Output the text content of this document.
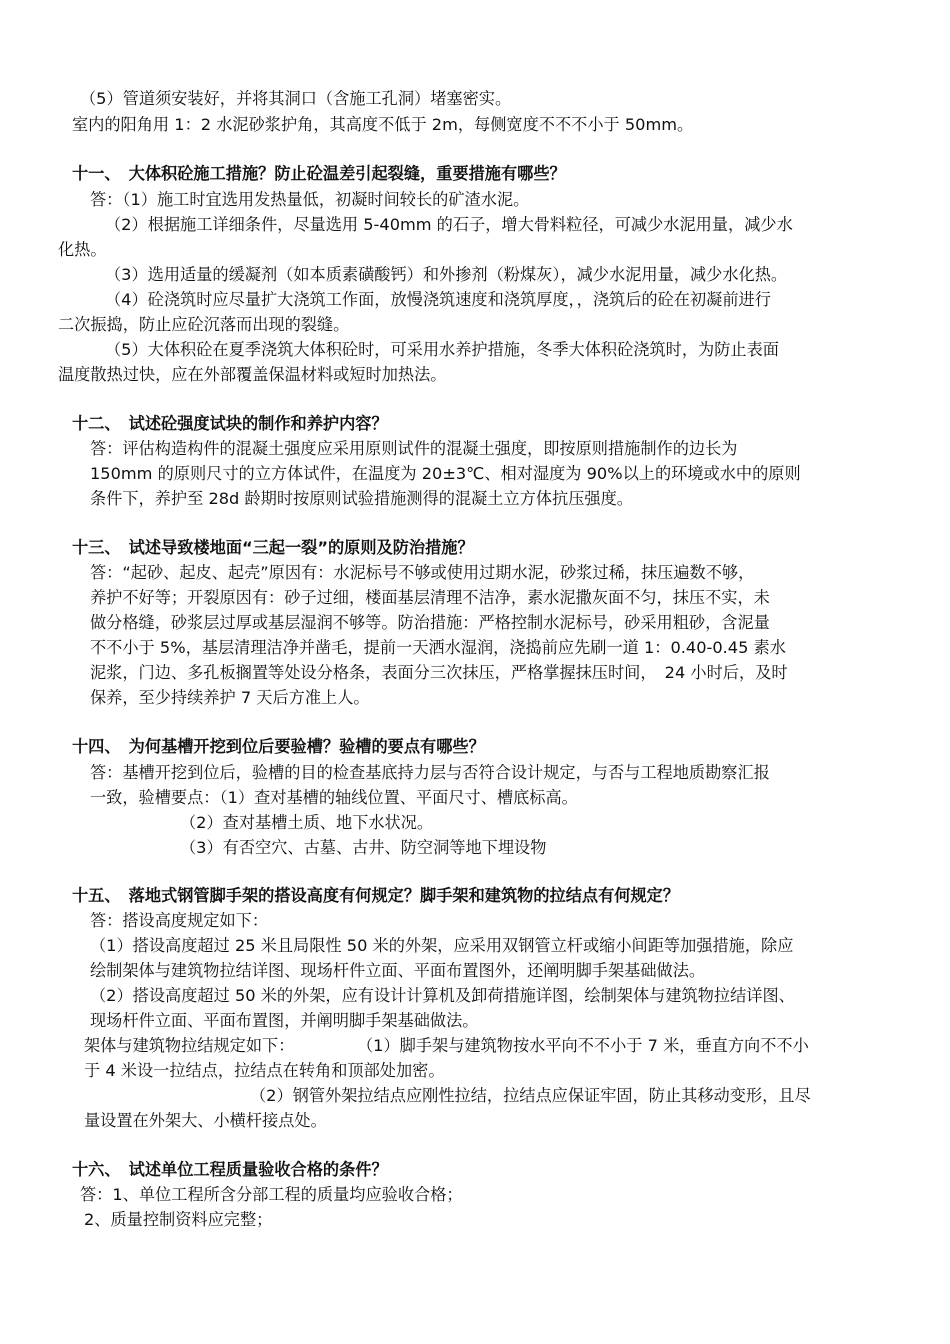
（5）管道须安装好，并将其洞口（含施工孔洞）堵塞密实。
室内的阳角用 1：2 水泥砂浆护角，其高度不低于 2m，每侧宽度不不不小于 50mm。
十一、　大体积砼施工措施？防止砼温差引起裂缝，重要措施有哪些？
答：（1）施工时宜选用发热量低，初凝时间较长的矿渣水泥。
（2）根据施工详细条件，尽量选用 5-40mm 的石子，增大骨料粒径，可减少水泥用量，减少水
化热。
（3）选用适量的缓凝剂（如本质素磺酸钙）和外掺剂（粉煤灰），减少水泥用量，减少水化热。
（4）砼浇筑时应尽量扩大浇筑工作面，放慢浇筑速度和浇筑厚度，，浇筑后的砼在初凝前进行
二次振捣，防止应砼沉落而出现的裂缝。
（5）大体积砼在夏季浇筑大体积砼时，可采用水养护措施，冬季大体积砼浇筑时，为防止表面
温度散热过快，应在外部覆盖保温材料或短时加热法。
十二、　试述砼强度试块的制作和养护内容？
答：评估构造构件的混凝土强度应采用原则试件的混凝土强度，即按原则措施制作的边长为
150mm 的原则尺寸的立方体试件，在温度为 20±3℃、相对湿度为 90%以上的环境或水中的原则
条件下，养护至 28d 龄期时按原则试验措施测得的混凝土立方体抗压强度。
十三、　试述导致楼地面“三起一裂”的原则及防治措施？
答：“起砂、起皮、起壳”原因有：水泥标号不够或使用过期水泥，砂浆过稀，抹压遍数不够，
养护不好等；开裂原因有：砂子过细，楼面基层清理不洁净，素水泥撒灰面不匀，抹压不实，未
做分格缝，砂浆层过厚或基层湿润不够等。防治措施：严格控制水泥标号，砂采用粗砂，含泥量
不不小于 5%，基层清理洁净并凿毛，提前一天洒水湿润，浇捣前应先刷一道 1：0.40-0.45 素水
泥浆，门边、多孔板搁置等处设分格条，表面分三次抹压，严格掌握抹压时间，　24 小时后，及时
保养，至少持续养护 7 天后方准上人。
十四、　为何基槽开挖到位后要验槽？验槽的要点有哪些？
答：基槽开挖到位后，验槽的目的检查基底持力层与否符合设计规定，与否与工程地质勘察汇报
一致，验槽要点：（1）查对基槽的轴线位置、平面尺寸、槽底标高。
（2）查对基槽土质、地下水状况。
（3）有否空穴、古墓、古井、防空洞等地下埋设物
十五、　落地式钢管脚手架的搭设高度有何规定？脚手架和建筑物的拉结点有何规定？
答：搭设高度规定如下：
（1）搭设高度超过 25 米且局限性 50 米的外架，应采用双钢管立杆或缩小间距等加强措施，除应
绘制架体与建筑物拉结详图、现场杆件立面、平面布置图外，还阐明脚手架基础做法。
（2）搭设高度超过 50 米的外架，应有设计计算机及卸荷措施详图，绘制架体与建筑物拉结详图、
现场杆件立面、平面布置图，并阐明脚手架基础做法。
架体与建筑物拉结规定如下：	（1）脚手架与建筑物按水平向不不小于 7 米，垂直方向不不小
于 4 米设一拉结点，拉结点在转角和顶部处加密。
（2）钢管外架拉结点应刚性拉结，拉结点应保证牢固，防止其移动变形，且尽
量设置在外架大、小横杆接点处。
十六、　试述单位工程质量验收合格的条件？
答：1、单位工程所含分部工程的质量均应验收合格；
2、质量控制资料应完整；
